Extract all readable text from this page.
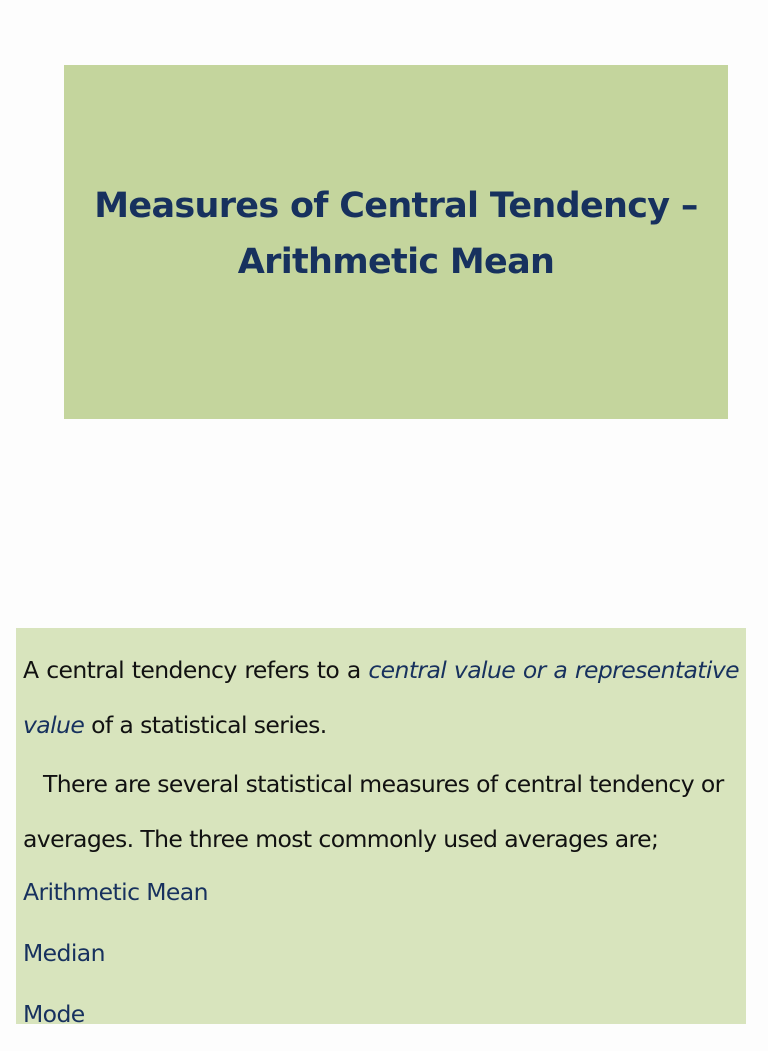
Measures of Central Tendency –
Arithmetic Mean

A central tendency refers to a central value or a representative value of a statistical series.

There are several statistical measures of central tendency or averages. The three most commonly used averages are;

Arithmetic Mean
Median
Mode
